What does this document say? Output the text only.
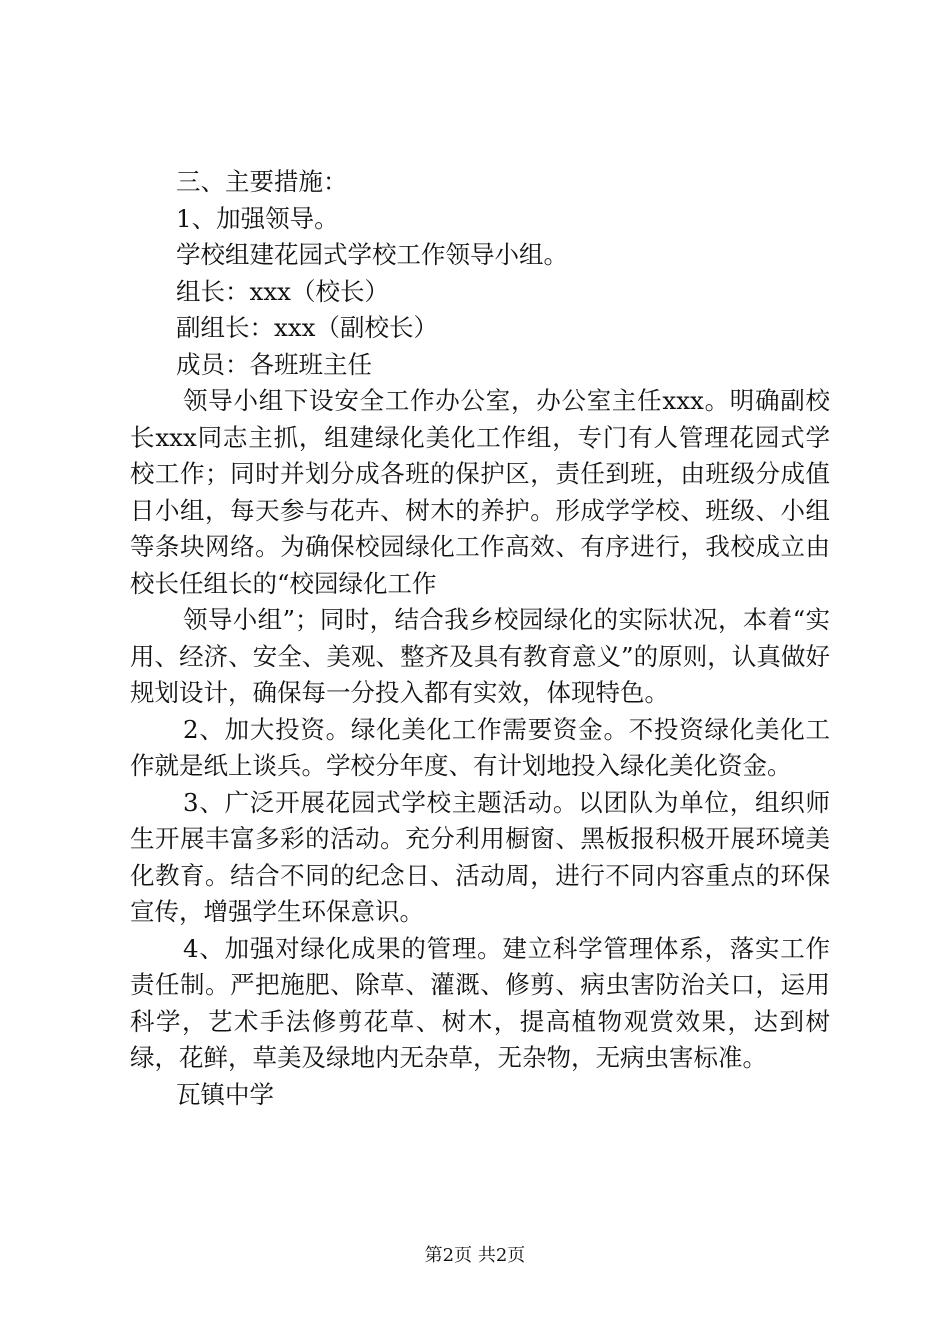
三、主要措施：
1、加强领导。
学校组建花园式学校工作领导小组。
组长：xxx（校长）
副组长：xxx（副校长）
成员：各班班主任

领导小组下设安全工作办公室，办公室主任xxx。明确副校长xxx同志主抓，组建绿化美化工作组，专门有人管理花园式学校工作；同时并划分成各班的保护区，责任到班，由班级分成值日小组，每天参与花卉、树木的养护。形成学学校、班级、小组等条块网络。为确保校园绿化工作高效、有序进行，我校成立由校长任组长的“校园绿化工作

领导小组”；同时，结合我乡校园绿化的实际状况，本着“实用、经济、安全、美观、整齐及具有教育意义”的原则，认真做好规划设计，确保每一分投入都有实效，体现特色。

2、加大投资。绿化美化工作需要资金。不投资绿化美化工作就是纸上谈兵。学校分年度、有计划地投入绿化美化资金。

3、广泛开展花园式学校主题活动。以团队为单位，组织师生开展丰富多彩的活动。充分利用橱窗、黑板报积极开展环境美化教育。结合不同的纪念日、活动周，进行不同内容重点的环保宣传，增强学生环保意识。

4、加强对绿化成果的管理。建立科学管理体系，落实工作责任制。严把施肥、除草、灌溉、修剪、病虫害防治关口，运用科学，艺术手法修剪花草、树木，提高植物观赏效果，达到树绿，花鲜，草美及绿地内无杂草，无杂物，无病虫害标准。

瓦镇中学
第2页 共2页
